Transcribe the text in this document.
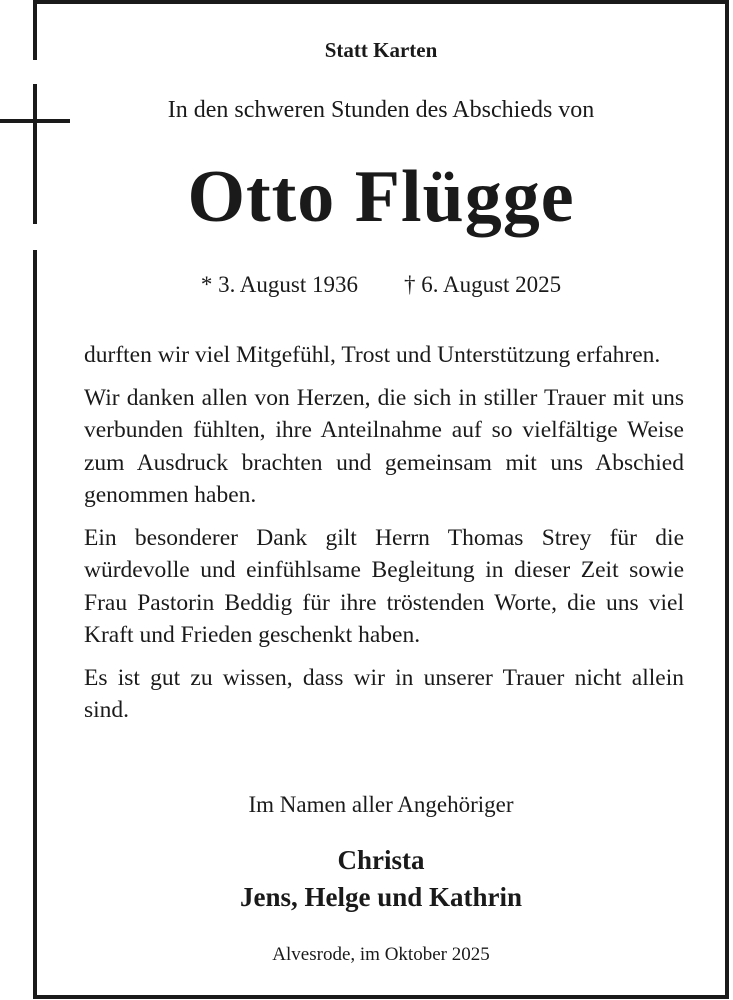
Statt Karten
In den schweren Stunden des Abschieds von
Otto Flügge
* 3. August 1936 † 6. August 2025

durften wir viel Mitgefühl, Trost und Unterstützung erfahren.

Wir danken allen von Herzen, die sich in stiller Trauer mit uns verbunden fühlten, ihre Anteilnahme auf so vielfältige Weise zum Ausdruck brachten und gemeinsam mit uns Abschied genommen haben.

Ein besonderer Dank gilt Herrn Thomas Strey für die würdevolle und einfühlsame Begleitung in dieser Zeit sowie Frau Pastorin Beddig für ihre tröstenden Worte, die uns viel Kraft und Frieden geschenkt haben.

Es ist gut zu wissen, dass wir in unserer Trauer nicht allein sind.

Im Namen aller Angehöriger
Christa
Jens, Helge und Kathrin
Alvesrode, im Oktober 2025
